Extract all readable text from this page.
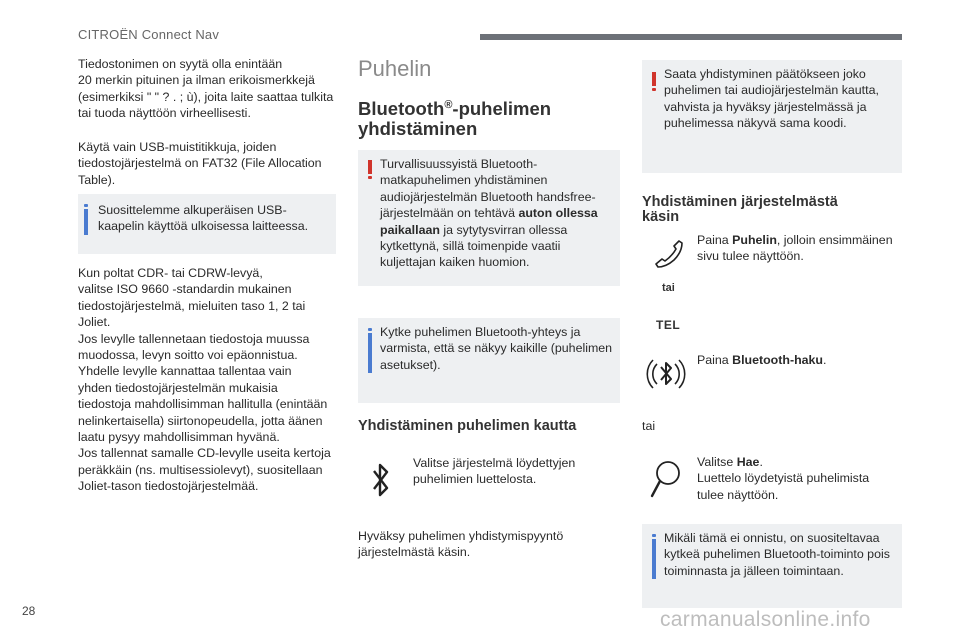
CITROËN Connect Nav

Tiedostonimen on syytä olla enintään
20 merkin pituinen ja ilman erikoismerkkejä
(esimerkiksi " " ? . ; ù), joita laite saattaa tulkita
tai tuoda näyttöön virheellisesti.

Käytä vain USB-muistitikkuja, joiden
tiedostojärjestelmä on FAT32 (File Allocation
Table).

Suosittelemme alkuperäisen USB-
kaapelin käyttöä ulkoisessa laitteessa.

Kun poltat CDR- tai CDRW-levyä,
valitse ISO 9660 -standardin mukainen
tiedostojärjestelmä, mieluiten taso 1, 2 tai
Joliet.
Jos levylle tallennetaan tiedostoja muussa
muodossa, levyn soitto voi epäonnistua.
Yhdelle levylle kannattaa tallentaa vain
yhden tiedostojärjestelmän mukaisia
tiedostoja mahdollisimman hallitulla (enintään
nelinkertaisella) siirtonopeudella, jotta äänen
laatu pysyy mahdollisimman hyvänä.
Jos tallennat samalle CD-levylle useita kertoja
peräkkäin (ns. multisessiolevyt), suositellaan
Joliet-tason tiedostojärjestelmää.

Puhelin
Bluetooth®-puhelimen
yhdistäminen

Turvallisuussyistä Bluetooth-
matkapuhelimen yhdistäminen
audiojärjestelmän Bluetooth handsfree-
järjestelmään on tehtävä auton ollessa
paikallaan ja sytytysvirran ollessa
kytkettynä, sillä toimenpide vaatii
kuljettajan kaiken huomion.

Kytke puhelimen Bluetooth-yhteys ja
varmista, että se näkyy kaikille (puhelimen
asetukset).

Yhdistäminen puhelimen kautta

Valitse järjestelmä löydettyjen
puhelimien luettelosta.

Hyväksy puhelimen yhdistymispyyntö
järjestelmästä käsin.

Saata yhdistyminen päätökseen joko
puhelimen tai audiojärjestelmän kautta,
vahvista ja hyväksy järjestelmässä ja
puhelimessa näkyvä sama koodi.

Yhdistäminen järjestelmästä
käsin
tai
TEL

Paina Puhelin, jolloin ensimmäinen
sivu tulee näyttöön.

Paina Bluetooth-haku.

tai

Valitse Hae.
Luettelo löydetyistä puhelimista
tulee näyttöön.

Mikäli tämä ei onnistu, on suositeltavaa
kytkeä puhelimen Bluetooth-toiminto pois
toiminnasta ja jälleen toimintaan.

28	carmanualsonline.info
